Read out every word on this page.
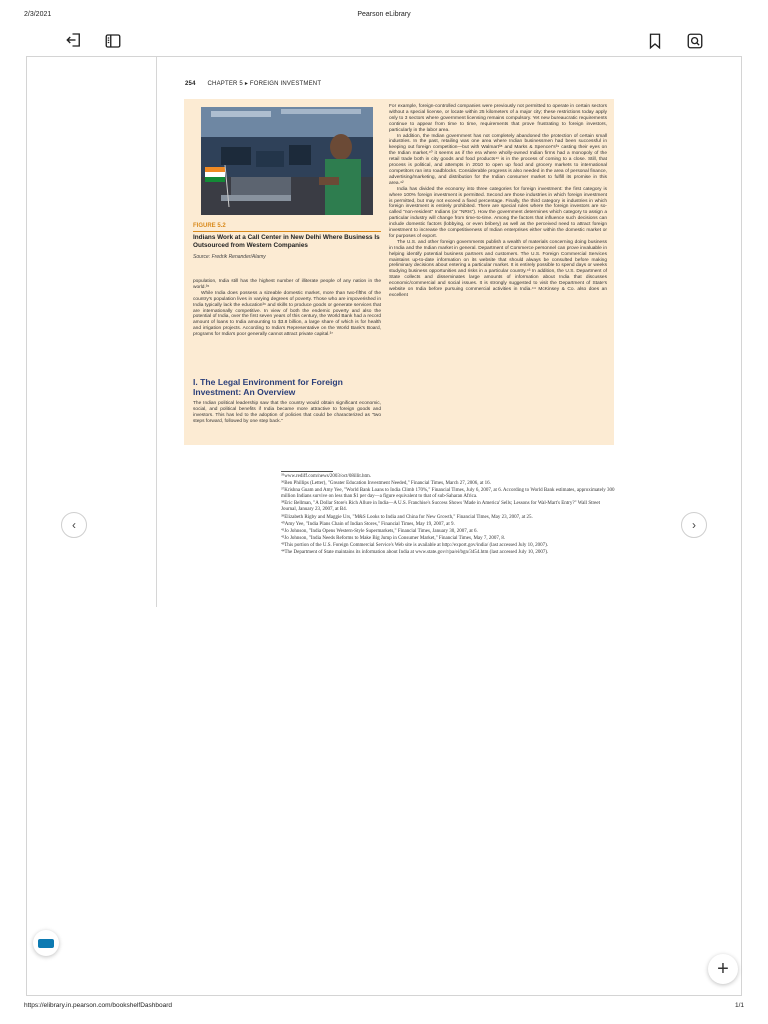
2/3/2021	Pearson eLibrary
254 CHAPTER 5 ▸ FOREIGN INVESTMENT
FIGURE 5.2
Indians Work at a Call Center in New Delhi Where Business Is Outsourced from Western Companies
Source: Fredrik Renander/Alamy

population, India still has the highest number of illiterate people of any nation in the world.³⁵

While India does possess a sizeable domestic market, more than two-fifths of the country's population lives in varying degrees of poverty. Those who are impoverished in India typically lack the education³⁶ and skills to produce goods or generate services that are internationally competitive. In view of both the endemic poverty and also the potential of India, over the first seven years of this century, the World Bank had a record amount of loans to India amounting to $3.8 billion, a large share of which is for health and irrigation projects. According to India's Representative on the World Bank's Board, programs for India's poor generally cannot attract private capital.³⁷

I. The Legal Environment for Foreign Investment: An Overview

The Indian political leadership saw that the country would obtain significant economic, social, and political benefits if India became more attractive to foreign goods and investors. This has led to the adoption of policies that could be characterized as "two steps forward, followed by one step back."

For example, foreign-controlled companies were previously not permitted to operate in certain sectors without a special license, or locate within 25 kilometers of a major city; these restrictions today apply only to 3 sectors where government licensing remains compulsory. Yet new bureaucratic requirements continue to appear from time to time, requirements that prove frustrating to foreign investors, particularly in the labor area.

In addition, the Indian government has not completely abandoned the protection of certain small industries. In the past, retailing was one area where Indian businessmen had been successful in keeping out foreign competition—but with Walmart³⁸ and Marks & Spencer's³⁹ casting their eyes on the Indian market,⁴⁰ it seems as if the era where wholly-owned Indian firms had a monopoly of the retail trade both in city goods and food products⁴¹ is in the process of coming to a close. Still, that process is political, and attempts in 2010 to open up food and grocery markets to international competitors ran into roadblocks. Considerable progress is also needed in the area of personal finance, advertising/marketing, and distribution for the Indian consumer market to fulfill its promise in this area.⁴²

India has divided the economy into three categories for foreign investment: the first category is where 100% foreign investment is permitted. Second are those industries in which foreign investment is permitted, but may not exceed a fixed percentage. Finally, the third category is industries in which foreign investment is entirely prohibited. There are special rules where the foreign investors are so-called "non-resident" Indians (or "NRIs"). How the government determines which category to assign a particular industry will change from time-to-time. Among the factors that influence such decisions can include domestic factors (lobbying, or even bribery) as well as the perceived need to attract foreign investment to increase the competitiveness of Indian enterprises either within the domestic market or for purposes of export.

The U.S. and other foreign governments publish a wealth of materials concerning doing business in India and the Indian market in general. Department of Commerce personnel can prove invaluable in helping identify potential business partners and customers. The U.S. Foreign Commercial Services maintains up-to-date information on its website that should always be consulted before making preliminary decisions about entering a particular market. It is entirely possible to spend days or weeks studying business opportunities and risks in a particular country.⁴³ In addition, the U.S. Department of State collects and disseminates large amounts of information about India that discusses economic/commercial and social issues. It is strongly suggested to visit the Department of State's website on India before pursuing commercial activities in India.⁴⁴ McKinsey & Co. also does an excellent

³⁵www.rediff.com/news/2003/oct/08illit.htm.
³⁶Ben Phillips (Letter), "Greater Education Investment Needed," Financial Times, March 27, 2006, at 16.
³⁷Krishna Guam and Amy Yee, "World Bank Loans to India Climb 170%," Financial Times, July 6, 2007, at 6. According to World Bank estimates, approximately 300 million Indians survive on less than $1 per day—a figure equivalent to that of sub-Saharan Africa.
³⁸Eric Bellman, "A Dollar Store's Rich Allure in India—A U.S. Franchise's Success Shows 'Made in America' Sells; Lessons for Wal-Mart's Entry?" Wall Street Journal, January 23, 2007, at B4.
³⁹Elizabeth Rigby and Maggie Urs, "M&S Looks to India and China for New Growth," Financial Times, May 23, 2007, at 25.
⁴⁰Amy Yee, "India Plans Chain of Indian Stores," Financial Times, May 19, 2007, at 9.
⁴¹Jo Johnson, "India Opens Western-Style Supermarkets," Financial Times, January 30, 2007, at 6.
⁴²Jo Johnson, "India Needs Reforms to Make Big Jump in Consumer Market," Financial Times, May 7, 2007, 8.
⁴³This portion of the U.S. Foreign Commercial Service's Web site is available at http://export.gov/india/ (last accessed July 10, 2007).
⁴⁴The Department of State maintains its information about India at www.state.gov/r/pa/ei/bgn/3454.htm (last accessed July 10, 2007).
‹	›
+
https://elibrary.in.pearson.com/bookshelfDashboard	1/1
